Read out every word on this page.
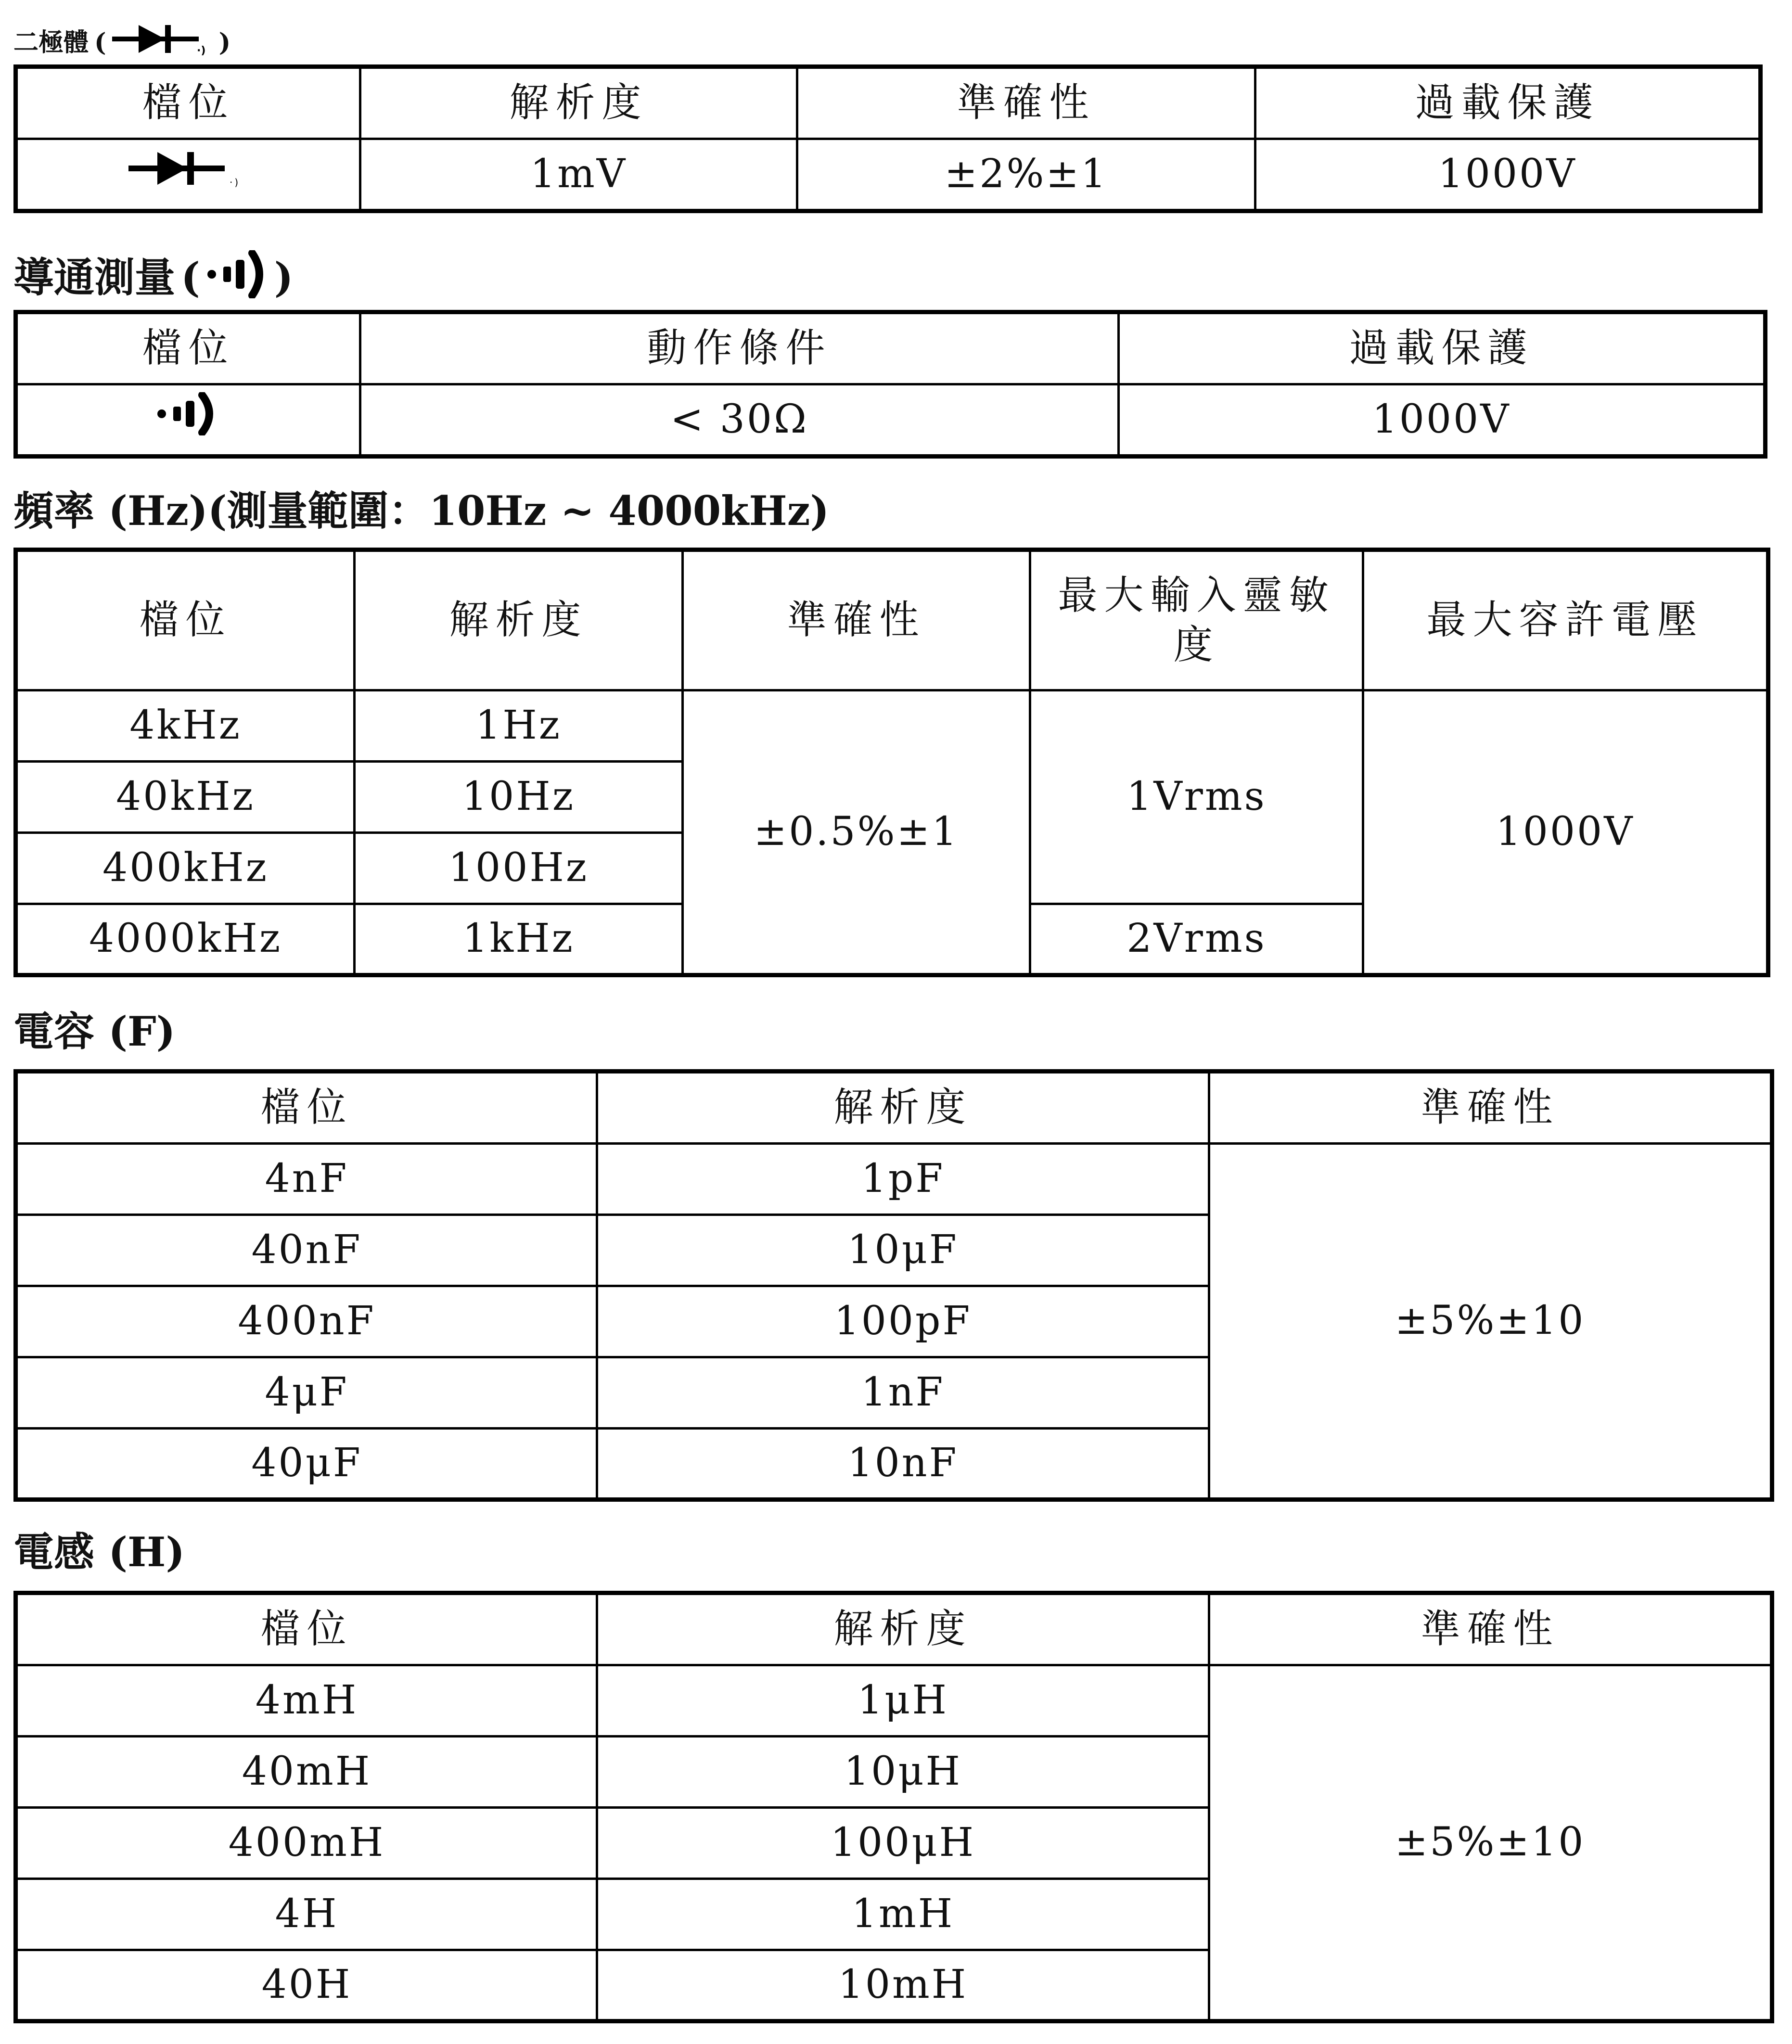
二極體 (	·) )
檔位	解析度	準確性	過載保護

·)	1mV	±2%±1	1000V
導通測量 ( )
檔位	動作條件	過載保護
	< 30Ω	1000V
頻率 (Hz)(測量範圍：10Hz ~ 4000kHz)
檔位	解析度	準確性	最大輸入靈敏度	最大容許電壓
4kHz	1Hz	±0.5%±1	1Vrms	1000V
40kHz	10Hz			
400kHz	100Hz			
4000kHz	1kHz		2Vrms	
電容 (F)
檔位	解析度	準確性
4nF	1pF	±5%±10
40nF	10μF	
400nF	100pF	
4μF	1nF	
40μF	10nF	
電感 (H)
檔位	解析度	準確性
4mH	1μH	±5%±10
40mH	10μH	
400mH	100μH	
4H	1mH	
40H	10mH	
